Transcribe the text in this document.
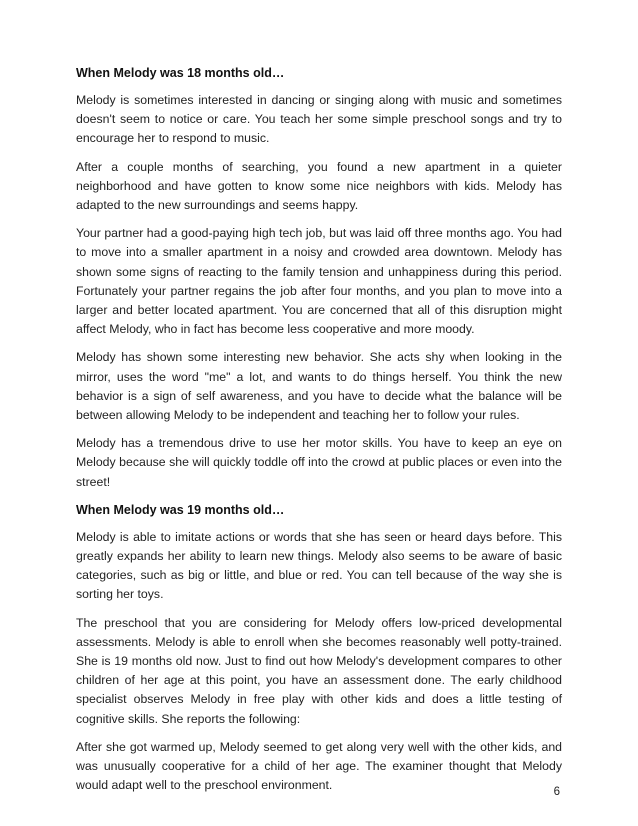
When Melody was 18 months old…

Melody is sometimes interested in dancing or singing along with music and sometimes doesn't seem to notice or care. You teach her some simple preschool songs and try to encourage her to respond to music.

After a couple months of searching, you found a new apartment in a quieter neighborhood and have gotten to know some nice neighbors with kids. Melody has adapted to the new surroundings and seems happy.

Your partner had a good-paying high tech job, but was laid off three months ago. You had to move into a smaller apartment in a noisy and crowded area downtown. Melody has shown some signs of reacting to the family tension and unhappiness during this period. Fortunately your partner regains the job after four months, and you plan to move into a larger and better located apartment. You are concerned that all of this disruption might affect Melody, who in fact has become less cooperative and more moody.

Melody has shown some interesting new behavior. She acts shy when looking in the mirror, uses the word "me" a lot, and wants to do things herself. You think the new behavior is a sign of self awareness, and you have to decide what the balance will be between allowing Melody to be independent and teaching her to follow your rules.

Melody has a tremendous drive to use her motor skills. You have to keep an eye on Melody because she will quickly toddle off into the crowd at public places or even into the street!

When Melody was 19 months old…

Melody is able to imitate actions or words that she has seen or heard days before. This greatly expands her ability to learn new things. Melody also seems to be aware of basic categories, such as big or little, and blue or red. You can tell because of the way she is sorting her toys.

The preschool that you are considering for Melody offers low-priced developmental assessments. Melody is able to enroll when she becomes reasonably well potty-trained. She is 19 months old now. Just to find out how Melody's development compares to other children of her age at this point, you have an assessment done. The early childhood specialist observes Melody in free play with other kids and does a little testing of cognitive skills. She reports the following:

After she got warmed up, Melody seemed to get along very well with the other kids, and was unusually cooperative for a child of her age. The examiner thought that Melody would adapt well to the preschool environment.	6
